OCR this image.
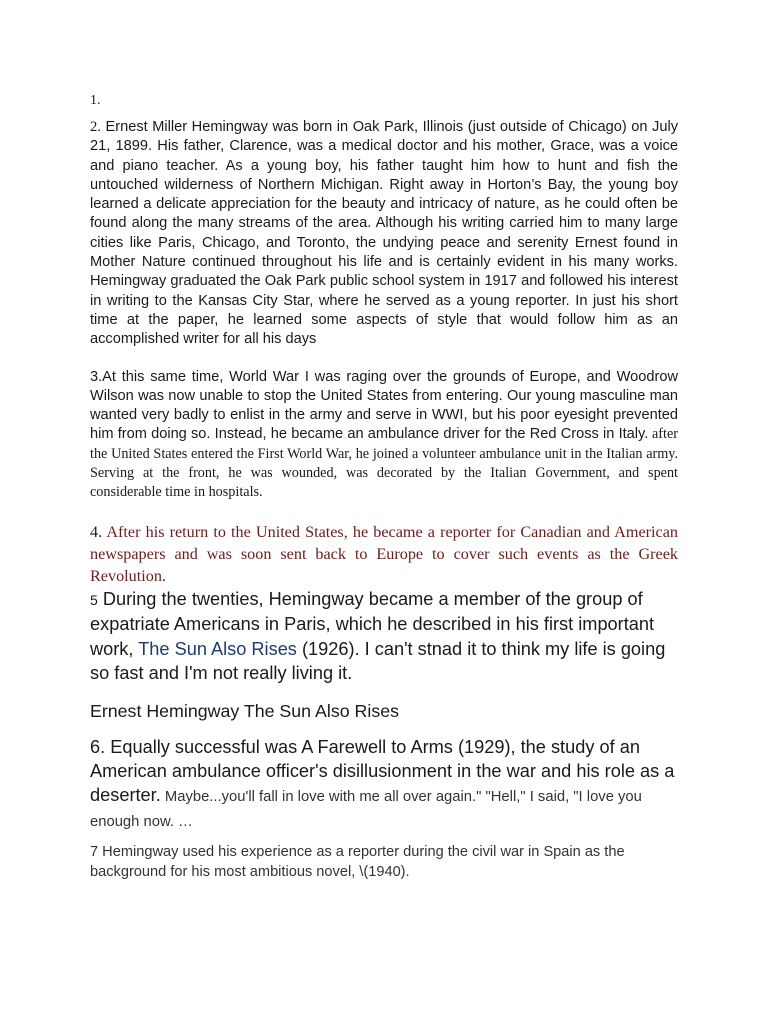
1.

2. Ernest Miller Hemingway was born in Oak Park, Illinois (just outside of Chicago) on July 21, 1899. His father, Clarence, was a medical doctor and his mother, Grace, was a voice and piano teacher. As a young boy, his father taught him how to hunt and fish the untouched wilderness of Northern Michigan. Right away in Horton’s Bay, the young boy learned a delicate appreciation for the beauty and intricacy of nature, as he could often be found along the many streams of the area. Although his writing carried him to many large cities like Paris, Chicago, and Toronto, the undying peace and serenity Ernest found in Mother Nature continued throughout his life and is certainly evident in his many works. Hemingway graduated the Oak Park public school system in 1917 and followed his interest in writing to the Kansas City Star, where he served as a young reporter. In just his short time at the paper, he learned some aspects of style that would follow him as an accomplished writer for all his days

3.At this same time, World War I was raging over the grounds of Europe, and Woodrow Wilson was now unable to stop the United States from entering. Our young masculine man wanted very badly to enlist in the army and serve in WWI, but his poor eyesight prevented him from doing so. Instead, he became an ambulance driver for the Red Cross in Italy. after the United States entered the First World War, he joined a volunteer ambulance unit in the Italian army. Serving at the front, he was wounded, was decorated by the Italian Government, and spent considerable time in hospitals.

4. After his return to the United States, he became a reporter for Canadian and American newspapers and was soon sent back to Europe to cover such events as the Greek Revolution.

5 During the twenties, Hemingway became a member of the group of expatriate Americans in Paris, which he described in his first important work, The Sun Also Rises (1926). I can't stnad it to think my life is going so fast and I'm not really living it.

Ernest Hemingway The Sun Also Rises

6. Equally successful was A Farewell to Arms (1929), the study of an American ambulance officer's disillusionment in the war and his role as a deserter. Maybe...you'll fall in love with me all over again." "Hell," I said, "I love you enough now. …

7 Hemingway used his experience as a reporter during the civil war in Spain as the background for his most ambitious novel, \(1940).
